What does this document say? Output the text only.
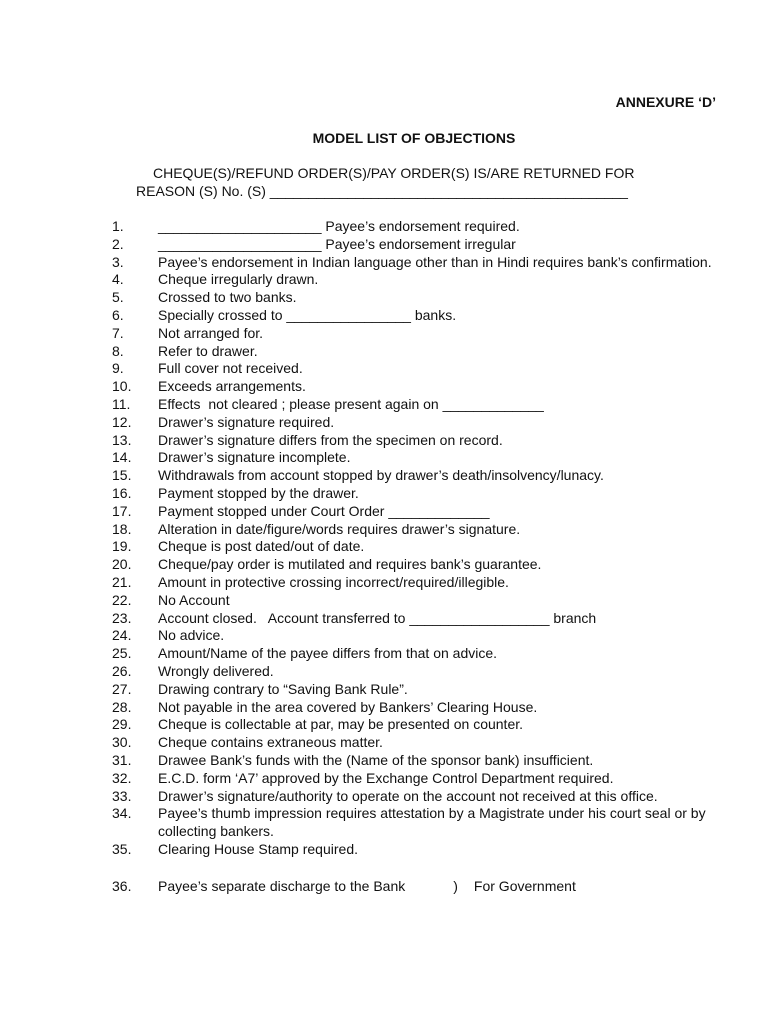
ANNEXURE ‘D’
MODEL LIST OF OBJECTIONS
CHEQUE(S)/REFUND ORDER(S)/PAY ORDER(S) IS/ARE RETURNED FOR
REASON (S) No. (S) ______________________________________________
1.	_____________________ Payee’s endorsement required.
2.	_____________________ Payee’s endorsement irregular
3.	Payee’s endorsement in Indian language other than in Hindi requires bank’s confirmation.
4.	Cheque irregularly drawn.
5.	Crossed to two banks.
6.	Specially crossed to ________________ banks.
7.	Not arranged for.
8.	Refer to drawer.
9.	Full cover not received.
10.	Exceeds arrangements.
11.	Effects  not cleared ; please present again on _____________
12.	Drawer’s signature required.
13.	Drawer’s signature differs from the specimen on record.
14.	Drawer’s signature incomplete.
15.	Withdrawals from account stopped by drawer’s death/insolvency/lunacy.
16.	Payment stopped by the drawer.
17.	Payment stopped under Court Order _____________
18.	Alteration in date/figure/words requires drawer’s signature.
19.	Cheque is post dated/out of date.
20.	Cheque/pay order is mutilated and requires bank’s guarantee.
21.	Amount in protective crossing incorrect/required/illegible.
22.	No Account
23.	Account closed.   Account transferred to __________________ branch
24.	No advice.
25.	Amount/Name of the payee differs from that on advice.
26.	Wrongly delivered.
27.	Drawing contrary to “Saving Bank Rule”.
28.	Not payable in the area covered by Bankers’ Clearing House.
29.	Cheque is collectable at par, may be presented on counter.
30.	Cheque contains extraneous matter.
31.	Drawee Bank’s funds with the (Name of the sponsor bank) insufficient.
32.	E.C.D. form ‘A7’ approved by the Exchange Control Department required.
33.	Drawer’s signature/authority to operate on the account not received at this office.
34.	Payee’s thumb impression requires attestation by a Magistrate under his court seal or by collecting bankers.
35.	Clearing House Stamp required.
36.	Payee’s separate discharge to the Bank	) For Government
